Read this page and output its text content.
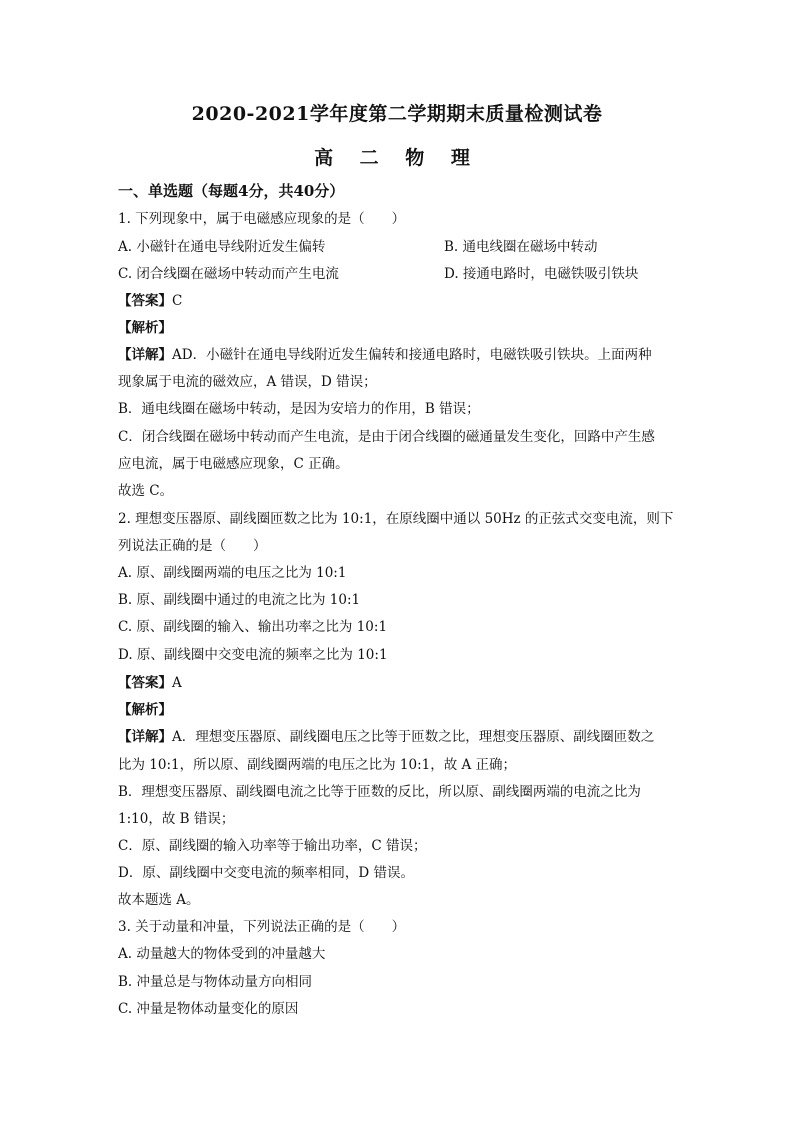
2020-2021学年度第二学期期末质量检测试卷
高 二 物 理
一、单选题（每题4分，共40分）
1. 下列现象中，属于电磁感应现象的是（　　）
A. 小磁针在通电导线附近发生偏转	B. 通电线圈在磁场中转动
C. 闭合线圈在磁场中转动而产生电流	D. 接通电路时，电磁铁吸引铁块
【答案】C
【解析】
【详解】AD．小磁针在通电导线附近发生偏转和接通电路时，电磁铁吸引铁块。上面两种
现象属于电流的磁效应，A 错误，D 错误；
B．通电线圈在磁场中转动，是因为安培力的作用，B 错误；
C．闭合线圈在磁场中转动而产生电流，是由于闭合线圈的磁通量发生变化，回路中产生感
应电流，属于电磁感应现象，C 正确。
故选 C。
2. 理想变压器原、副线圈匝数之比为 10:1，在原线圈中通以 50Hz 的正弦式交变电流，则下
列说法正确的是（　　）
A. 原、副线圈两端的电压之比为 10:1
B. 原、副线圈中通过的电流之比为 10:1
C. 原、副线圈的输入、输出功率之比为 10:1
D. 原、副线圈中交变电流的频率之比为 10:1
【答案】A
【解析】
【详解】A．理想变压器原、副线圈电压之比等于匝数之比，理想变压器原、副线圈匝数之
比为 10:1，所以原、副线圈两端的电压之比为 10:1，故 A 正确；
B．理想变压器原、副线圈电流之比等于匝数的反比，所以原、副线圈两端的电流之比为
1:10，故 B 错误；
C．原、副线圈的输入功率等于输出功率，C 错误；
D．原、副线圈中交变电流的频率相同，D 错误。
故本题选 A。
3. 关于动量和冲量，下列说法正确的是（　　）
A. 动量越大的物体受到的冲量越大
B. 冲量总是与物体动量方向相同
C. 冲量是物体动量变化的原因
